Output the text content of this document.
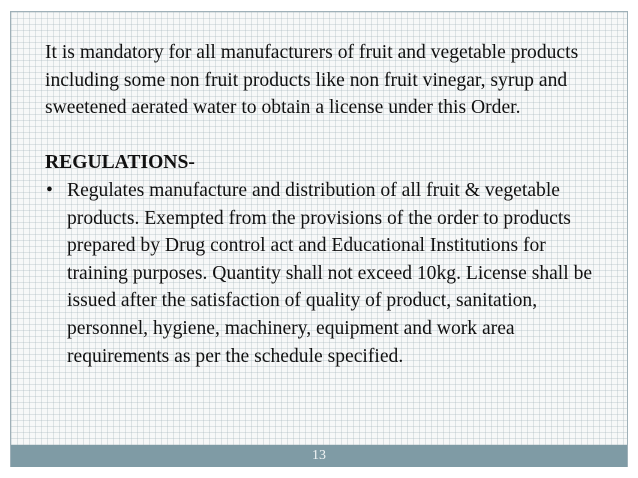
It is mandatory for all manufacturers of fruit and vegetable products including some non fruit products like non fruit vinegar, syrup and sweetened aerated water to obtain a license under this Order.

REGULATIONS-
• Regulates manufacture and distribution of all fruit & vegetable products. Exempted from the provisions of the order to products prepared by Drug control act and Educational Institutions for training purposes. Quantity shall not exceed 10kg. License shall be issued after the satisfaction of quality of product, sanitation, personnel, hygiene, machinery, equipment and work area requirements as per the schedule specified.
13
